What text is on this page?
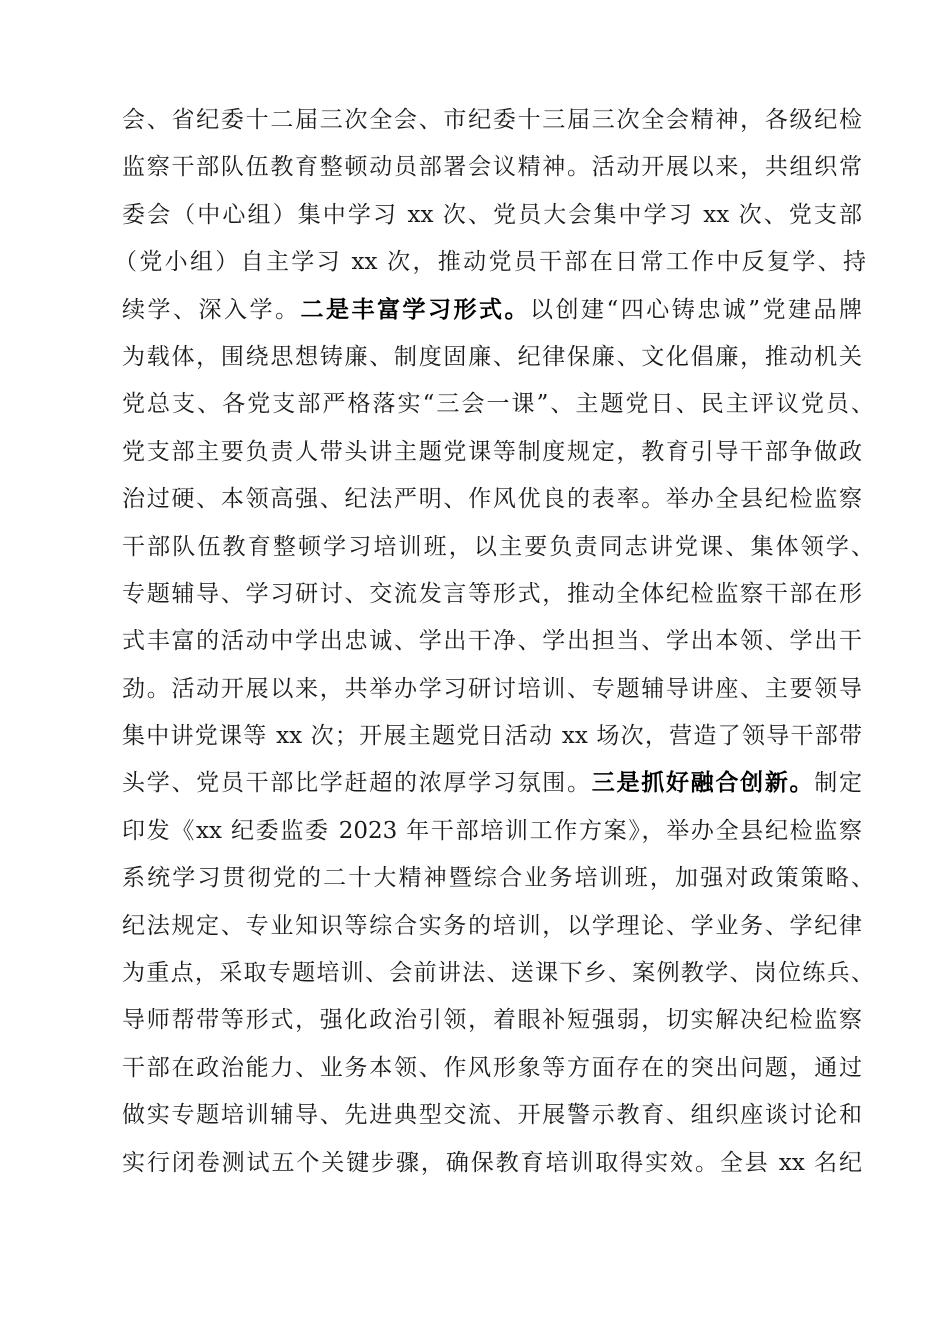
会、省纪委十二届三次全会、市纪委十三届三次全会精神，各级纪检
监察干部队伍教育整顿动员部署会议精神。活动开展以来，共组织常
委会（中心组）集中学习 xx 次、党员大会集中学习 xx 次、党支部
（党小组）自主学习 xx 次，推动党员干部在日常工作中反复学、持
续学、深入学。二是丰富学习形式。以创建“四心铸忠诚”党建品牌
为载体，围绕思想铸廉、制度固廉、纪律保廉、文化倡廉，推动机关
党总支、各党支部严格落实“三会一课”、主题党日、民主评议党员、
党支部主要负责人带头讲主题党课等制度规定，教育引导干部争做政
治过硬、本领高强、纪法严明、作风优良的表率。举办全县纪检监察
干部队伍教育整顿学习培训班，以主要负责同志讲党课、集体领学、
专题辅导、学习研讨、交流发言等形式，推动全体纪检监察干部在形
式丰富的活动中学出忠诚、学出干净、学出担当、学出本领、学出干
劲。活动开展以来，共举办学习研讨培训、专题辅导讲座、主要领导
集中讲党课等 xx 次；开展主题党日活动 xx 场次，营造了领导干部带
头学、党员干部比学赶超的浓厚学习氛围。三是抓好融合创新。制定
印发《xx 纪委监委 2023 年干部培训工作方案》，举办全县纪检监察
系统学习贯彻党的二十大精神暨综合业务培训班，加强对政策策略、
纪法规定、专业知识等综合实务的培训，以学理论、学业务、学纪律
为重点，采取专题培训、会前讲法、送课下乡、案例教学、岗位练兵、
导师帮带等形式，强化政治引领，着眼补短强弱，切实解决纪检监察
干部在政治能力、业务本领、作风形象等方面存在的突出问题，通过
做实专题培训辅导、先进典型交流、开展警示教育、组织座谈讨论和
实行闭卷测试五个关键步骤，确保教育培训取得实效。全县 xx 名纪
